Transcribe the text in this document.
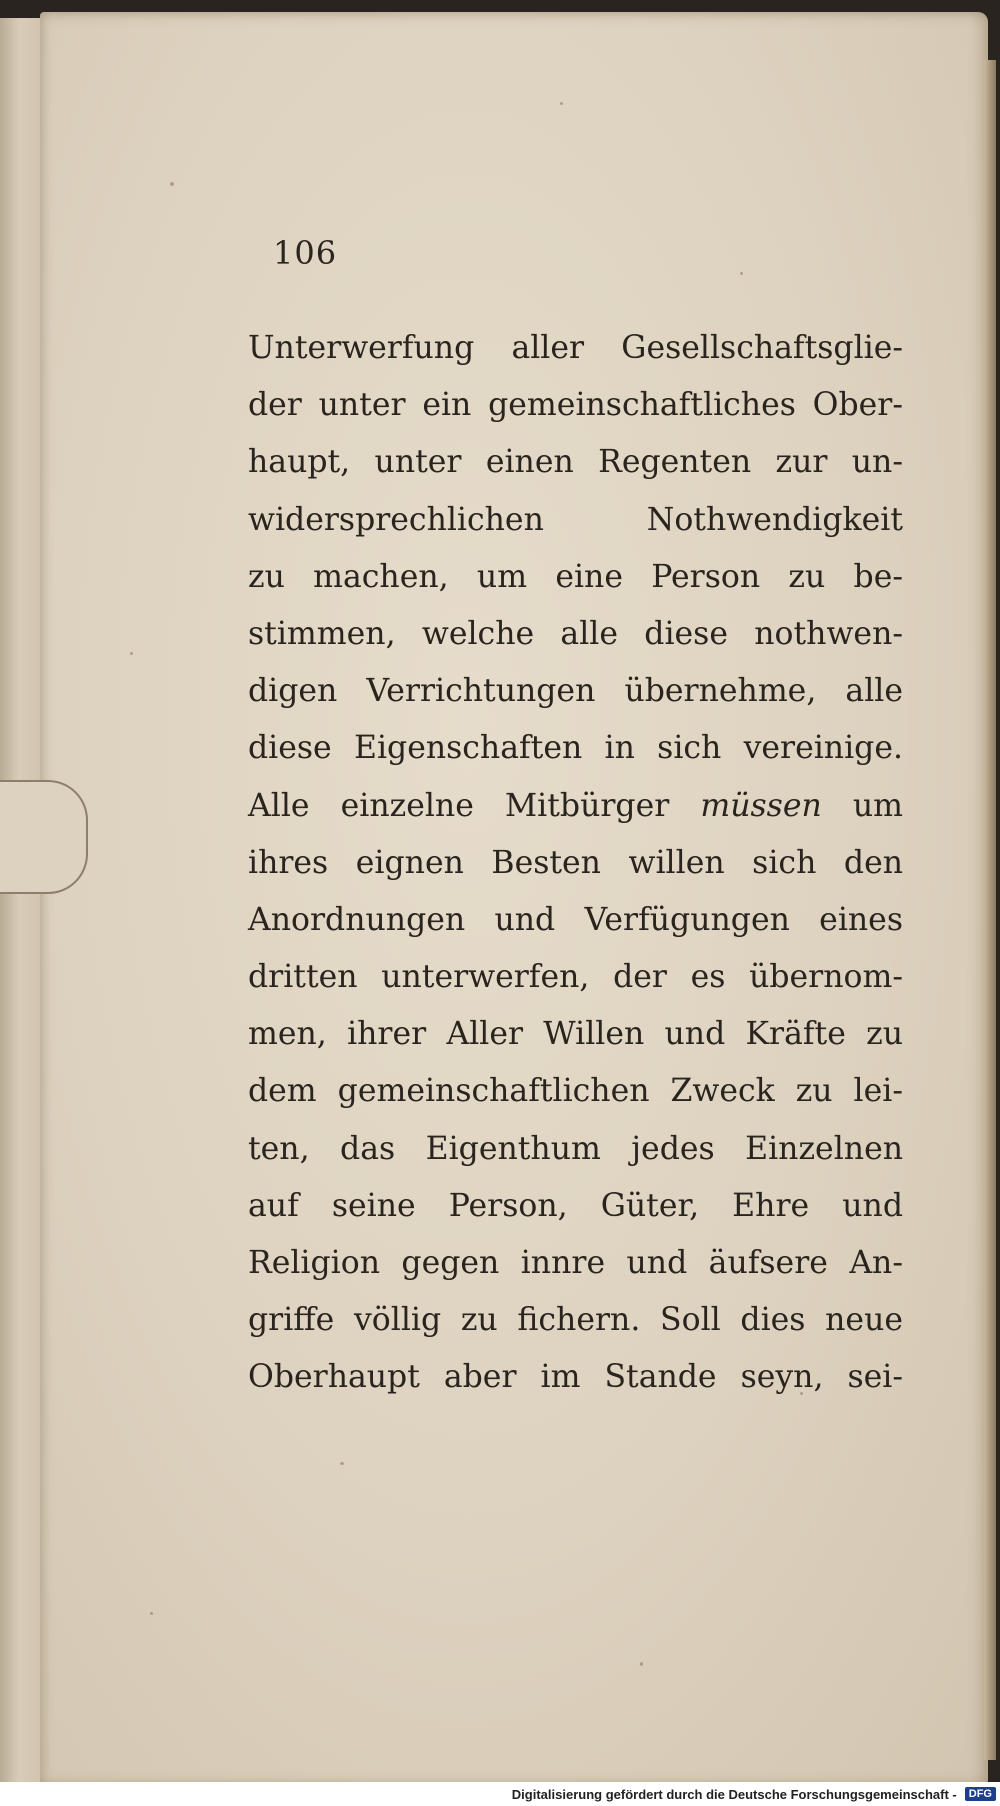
106
Unterwerfung aller Gesellschaftsglie-
der unter ein gemeinschaftliches Ober-
haupt, unter einen Regenten zur un-
widersprechlichen Nothwendigkeit
zu machen, um eine Person zu be-
stimmen, welche alle diese nothwen-
digen Verrichtungen übernehme, alle
diese Eigenschaften in sich vereinige.
Alle einzelne Mitbürger müssen um
ihres eignen Besten willen sich den
Anordnungen und Verfügungen eines
dritten unterwerfen, der es übernom-
men, ihrer Aller Willen und Kräfte zu
dem gemeinschaftlichen Zweck zu lei-
ten, das Eigenthum jedes Einzelnen
auf seine Person, Güter, Ehre und
Religion gegen innre und äufsere An-
griffe völlig zu fichern. Soll dies neue
Oberhaupt aber im Stande seyn, sei-
Digitalisierung gefördert durch die Deutsche Forschungsgemeinschaft -	DFG
